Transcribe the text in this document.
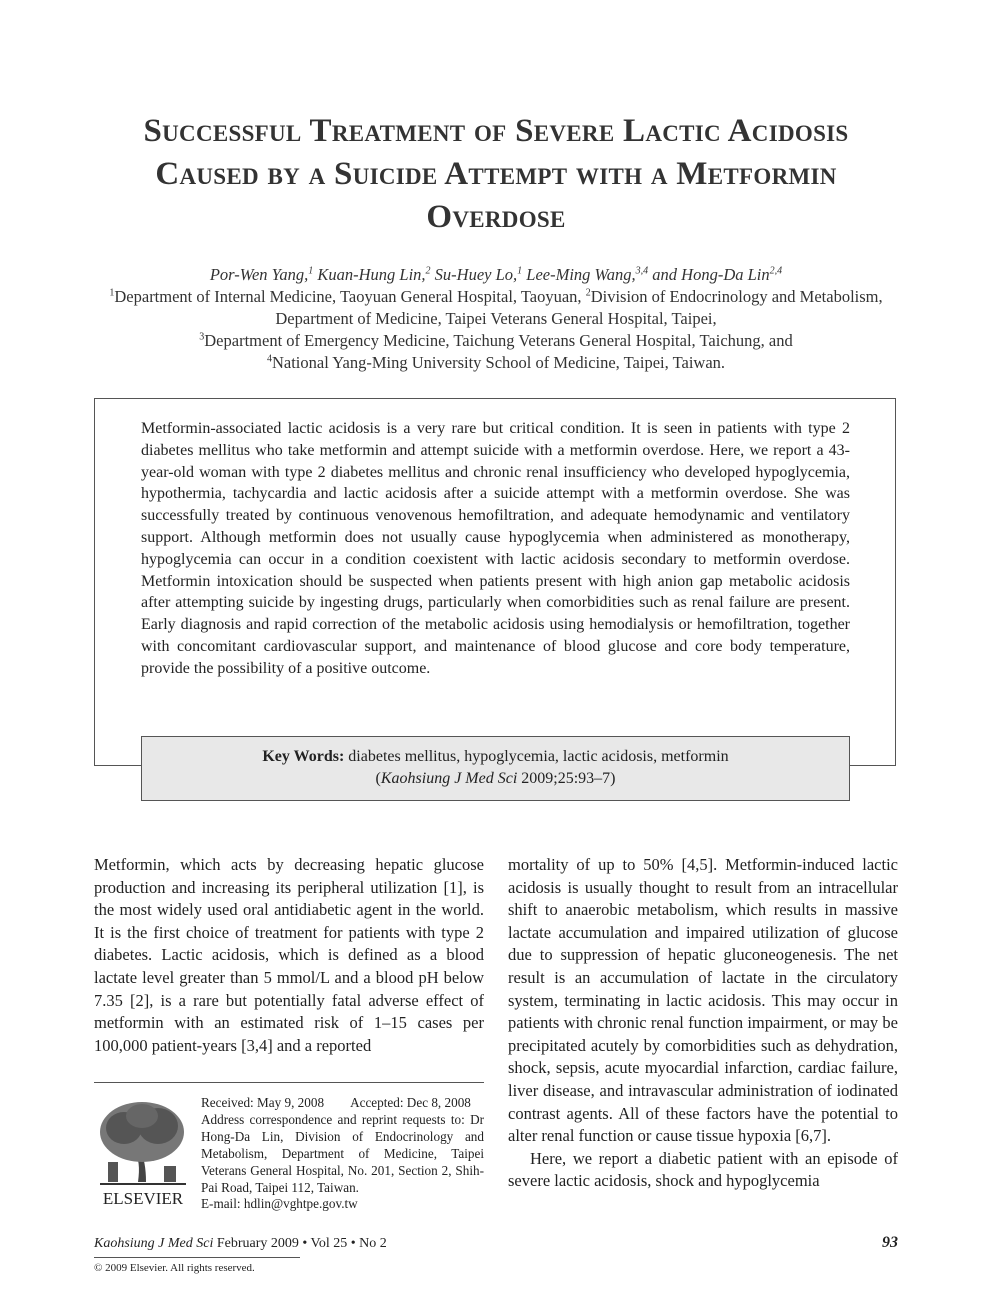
Successful Treatment of Severe Lactic Acidosis Caused by a Suicide Attempt with a Metformin Overdose
Por-Wen Yang,$^1$ Kuan-Hung Lin,$^2$ Su-Huey Lo,$^1$ Lee-Ming Wang,$^{3,4}$ and Hong-Da Lin$^{2,4}$
$^1$Department of Internal Medicine, Taoyuan General Hospital, Taoyuan, $^2$Division of Endocrinology and Metabolism, Department of Medicine, Taipei Veterans General Hospital, Taipei,
$^3$Department of Emergency Medicine, Taichung Veterans General Hospital, Taichung, and
$^4$National Yang-Ming University School of Medicine, Taipei, Taiwan.
Metformin-associated lactic acidosis is a very rare but critical condition. It is seen in patients with type 2 diabetes mellitus who take metformin and attempt suicide with a metformin overdose. Here, we report a 43-year-old woman with type 2 diabetes mellitus and chronic renal insufficiency who developed hypoglycemia, hypothermia, tachycardia and lactic acidosis after a suicide attempt with a metformin overdose. She was successfully treated by continuous venovenous hemofiltration, and adequate hemodynamic and ventilatory support. Although metformin does not usually cause hypoglycemia when administered as monotherapy, hypoglycemia can occur in a condition coexistent with lactic acidosis secondary to metformin overdose. Metformin intoxication should be suspected when patients present with high anion gap metabolic acidosis after attempting suicide by ingesting drugs, particularly when comorbidities such as renal failure are present. Early diagnosis and rapid correction of the metabolic acidosis using hemodialysis or hemofiltration, together with concomitant cardiovascular support, and maintenance of blood glucose and core body temperature, provide the possibility of a positive outcome.
Key Words: diabetes mellitus, hypoglycemia, lactic acidosis, metformin
(Kaohsiung J Med Sci 2009;25:93–7)
Metformin, which acts by decreasing hepatic glucose production and increasing its peripheral utilization [1], is the most widely used oral antidiabetic agent in the world. It is the first choice of treatment for patients with type 2 diabetes. Lactic acidosis, which is defined as a blood lactate level greater than 5 mmol/L and a blood pH below 7.35 [2], is a rare but potentially fatal adverse effect of metformin with an estimated risk of 1–15 cases per 100,000 patient-years [3,4] and a reported

mortality of up to 50% [4,5]. Metformin-induced lactic acidosis is usually thought to result from an intracellular shift to anaerobic metabolism, which results in massive lactate accumulation and impaired utilization of glucose due to suppression of hepatic gluconeogenesis. The net result is an accumulation of lactate in the circulatory system, terminating in lactic acidosis. This may occur in patients with chronic renal function impairment, or may be precipitated acutely by comorbidities such as dehydration, shock, sepsis, acute myocardial infarction, cardiac failure, liver disease, and intravascular administration of iodinated contrast agents. All of these factors have the potential to alter renal function or cause tissue hypoxia [6,7].

Here, we report a diabetic patient with an episode of severe lactic acidosis, shock and hypoglycemia

ELSEVIER
Received: May 9, 2008 Accepted: Dec 8, 2008
Address correspondence and reprint requests to: Dr Hong-Da Lin, Division of Endocrinology and Metabolism, Department of Medicine, Taipei Veterans General Hospital, No. 201, Section 2, Shih-Pai Road, Taipei 112, Taiwan.
E-mail: hdlin@vghtpe.gov.tw
Kaohsiung J Med Sci February 2009 • Vol 25 • No 2	93
© 2009 Elsevier. All rights reserved.
